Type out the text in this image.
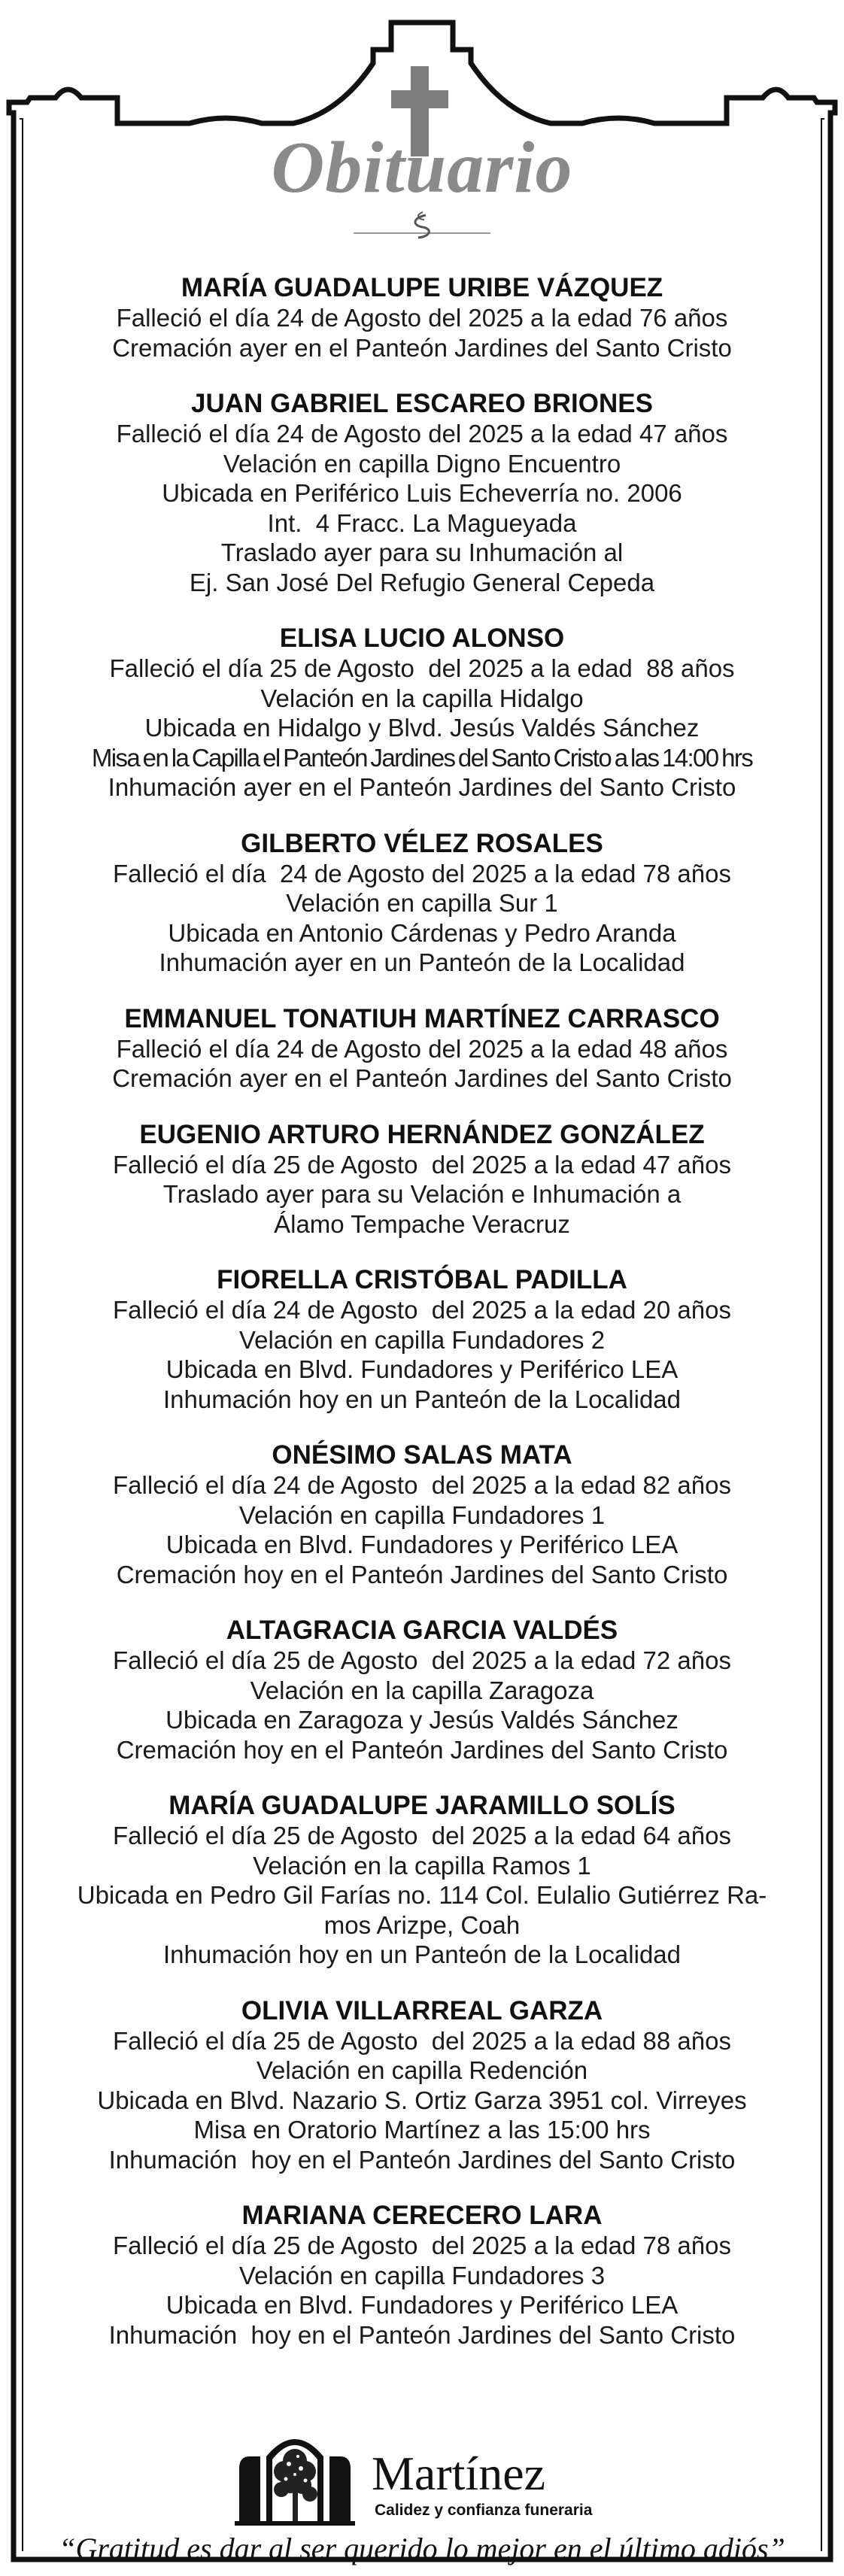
Obituario
MARÍA GUADALUPE URIBE VÁZQUEZ
Falleció el día 24 de Agosto del 2025 a la edad 76 años
Cremación ayer en el Panteón Jardines del Santo Cristo
JUAN GABRIEL ESCAREO BRIONES
Falleció el día 24 de Agosto del 2025 a la edad 47 años
Velación en capilla Digno Encuentro
Ubicada en Periférico Luis Echeverría no. 2006
Int.  4 Fracc. La Magueyada
Traslado ayer para su Inhumación al
Ej. San José Del Refugio General Cepeda
ELISA LUCIO ALONSO
Falleció el día 25 de Agosto  del 2025 a la edad  88 años
Velación en la capilla Hidalgo
Ubicada en Hidalgo y Blvd. Jesús Valdés Sánchez
Misa en la Capilla el Panteón Jardines del Santo Cristo a las 14:00 hrs
Inhumación ayer en el Panteón Jardines del Santo Cristo
GILBERTO VÉLEZ ROSALES
Falleció el día  24 de Agosto del 2025 a la edad 78 años
Velación en capilla Sur 1
Ubicada en Antonio Cárdenas y Pedro Aranda
Inhumación ayer en un Panteón de la Localidad
EMMANUEL TONATIUH MARTÍNEZ CARRASCO
Falleció el día 24 de Agosto del 2025 a la edad 48 años
Cremación ayer en el Panteón Jardines del Santo Cristo
EUGENIO ARTURO HERNÁNDEZ GONZÁLEZ
Falleció el día 25 de Agosto  del 2025 a la edad 47 años
Traslado ayer para su Velación e Inhumación a
Álamo Tempache Veracruz
FIORELLA CRISTÓBAL PADILLA
Falleció el día 24 de Agosto  del 2025 a la edad 20 años
Velación en capilla Fundadores 2
Ubicada en Blvd. Fundadores y Periférico LEA
Inhumación hoy en un Panteón de la Localidad
ONÉSIMO SALAS MATA
Falleció el día 24 de Agosto  del 2025 a la edad 82 años
Velación en capilla Fundadores 1
Ubicada en Blvd. Fundadores y Periférico LEA
Cremación hoy en el Panteón Jardines del Santo Cristo
ALTAGRACIA GARCIA VALDÉS
Falleció el día 25 de Agosto  del 2025 a la edad 72 años
Velación en la capilla Zaragoza
Ubicada en Zaragoza y Jesús Valdés Sánchez
Cremación hoy en el Panteón Jardines del Santo Cristo
MARÍA GUADALUPE JARAMILLO SOLÍS
Falleció el día 25 de Agosto  del 2025 a la edad 64 años
Velación en la capilla Ramos 1
Ubicada en Pedro Gil Farías no. 114 Col. Eulalio Gutiérrez Ra-
mos Arizpe, Coah
Inhumación hoy en un Panteón de la Localidad
OLIVIA VILLARREAL GARZA
Falleció el día 25 de Agosto  del 2025 a la edad 88 años
Velación en capilla Redención
Ubicada en Blvd. Nazario S. Ortiz Garza 3951 col. Virreyes
Misa en Oratorio Martínez a las 15:00 hrs
Inhumación  hoy en el Panteón Jardines del Santo Cristo
MARIANA CERECERO LARA
Falleció el día 25 de Agosto  del 2025 a la edad 78 años
Velación en capilla Fundadores 3
Ubicada en Blvd. Fundadores y Periférico LEA
Inhumación  hoy en el Panteón Jardines del Santo Cristo
Martínez
Calidez y confianza funeraria
“Gratitud es dar al ser querido lo mejor en el último adiós”
